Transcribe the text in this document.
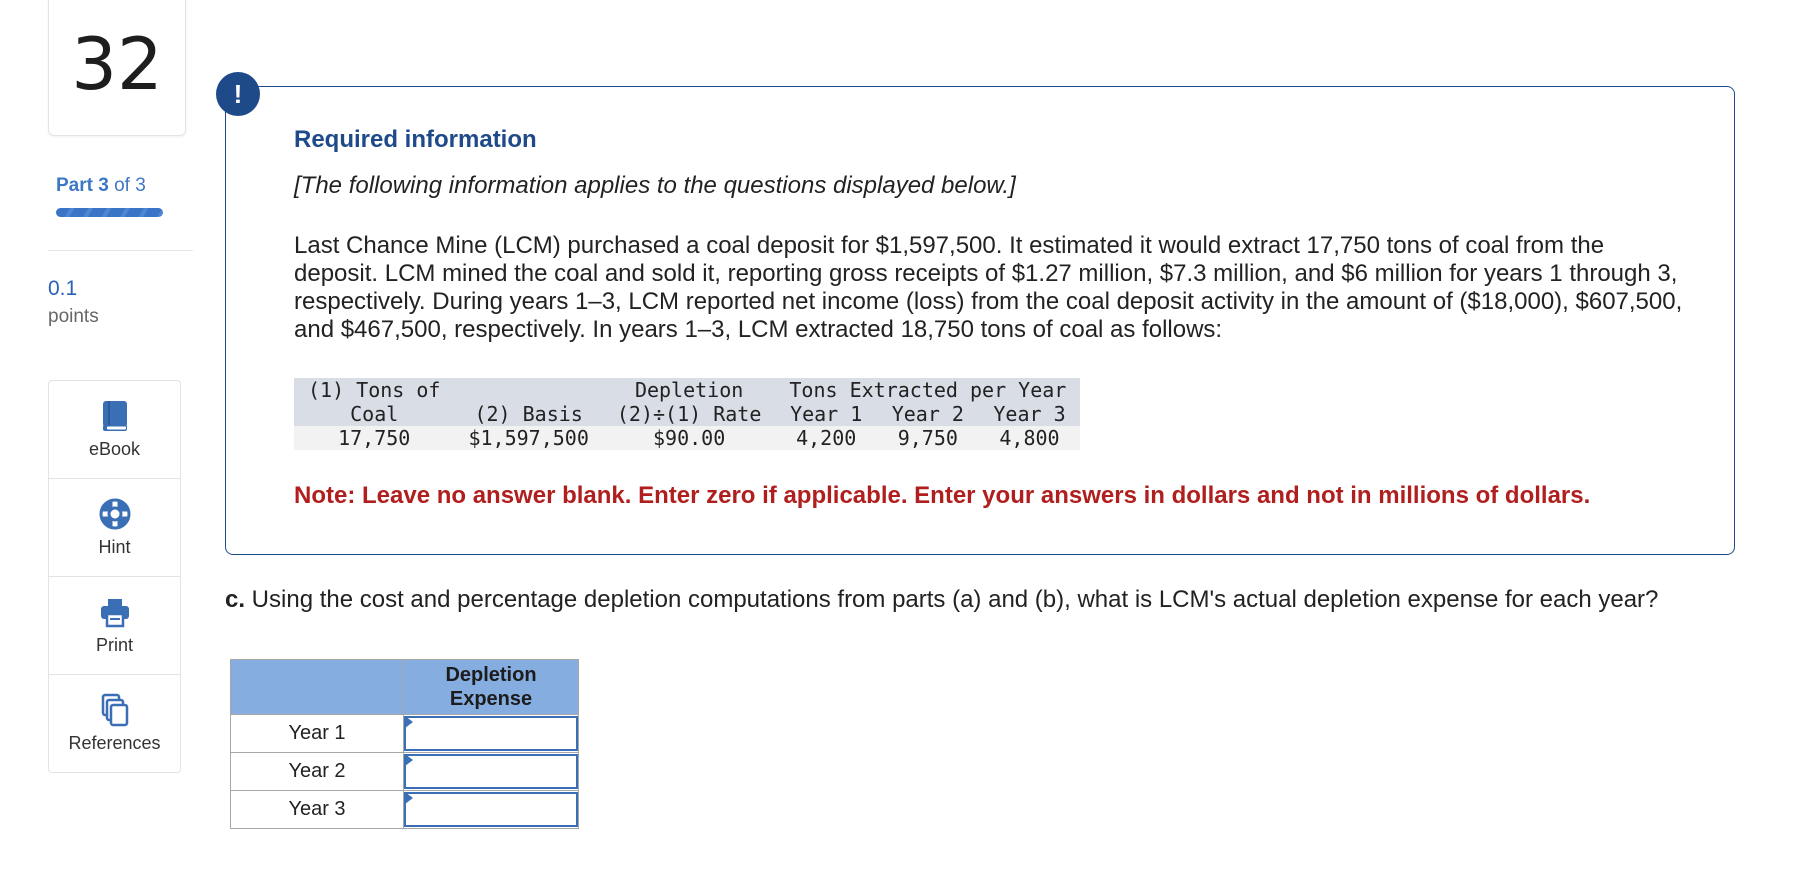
32
Part 3 of 3
0.1
points
eBook
Hint
Print
References
!
Required information
[The following information applies to the questions displayed below.]
Last Chance Mine (LCM) purchased a coal deposit for $1,597,500. It estimated it would extract 17,750 tons of coal from the deposit. LCM mined the coal and sold it, reporting gross receipts of $1.27 million, $7.3 million, and $6 million for years 1 through 3, respectively. During years 1–3, LCM reported net income (loss) from the coal deposit activity in the amount of ($18,000), $607,500, and $467,500, respectively. In years 1–3, LCM extracted 18,750 tons of coal as follows:
(1) Tons of		Depletion	Tons Extracted per Year		
Coal	(2) Basis	(2)÷(1) Rate	Year 1	Year 2	Year 3
17,750	$1,597,500	$90.00	4,200	9,750	4,800
Note: Leave no answer blank. Enter zero if applicable. Enter your answers in dollars and not in millions of dollars.
c. Using the cost and percentage depletion computations from parts (a) and (b), what is LCM's actual depletion expense for each year?
	Depletion
Expense
Year 1	

Year 2	

Year 3	
